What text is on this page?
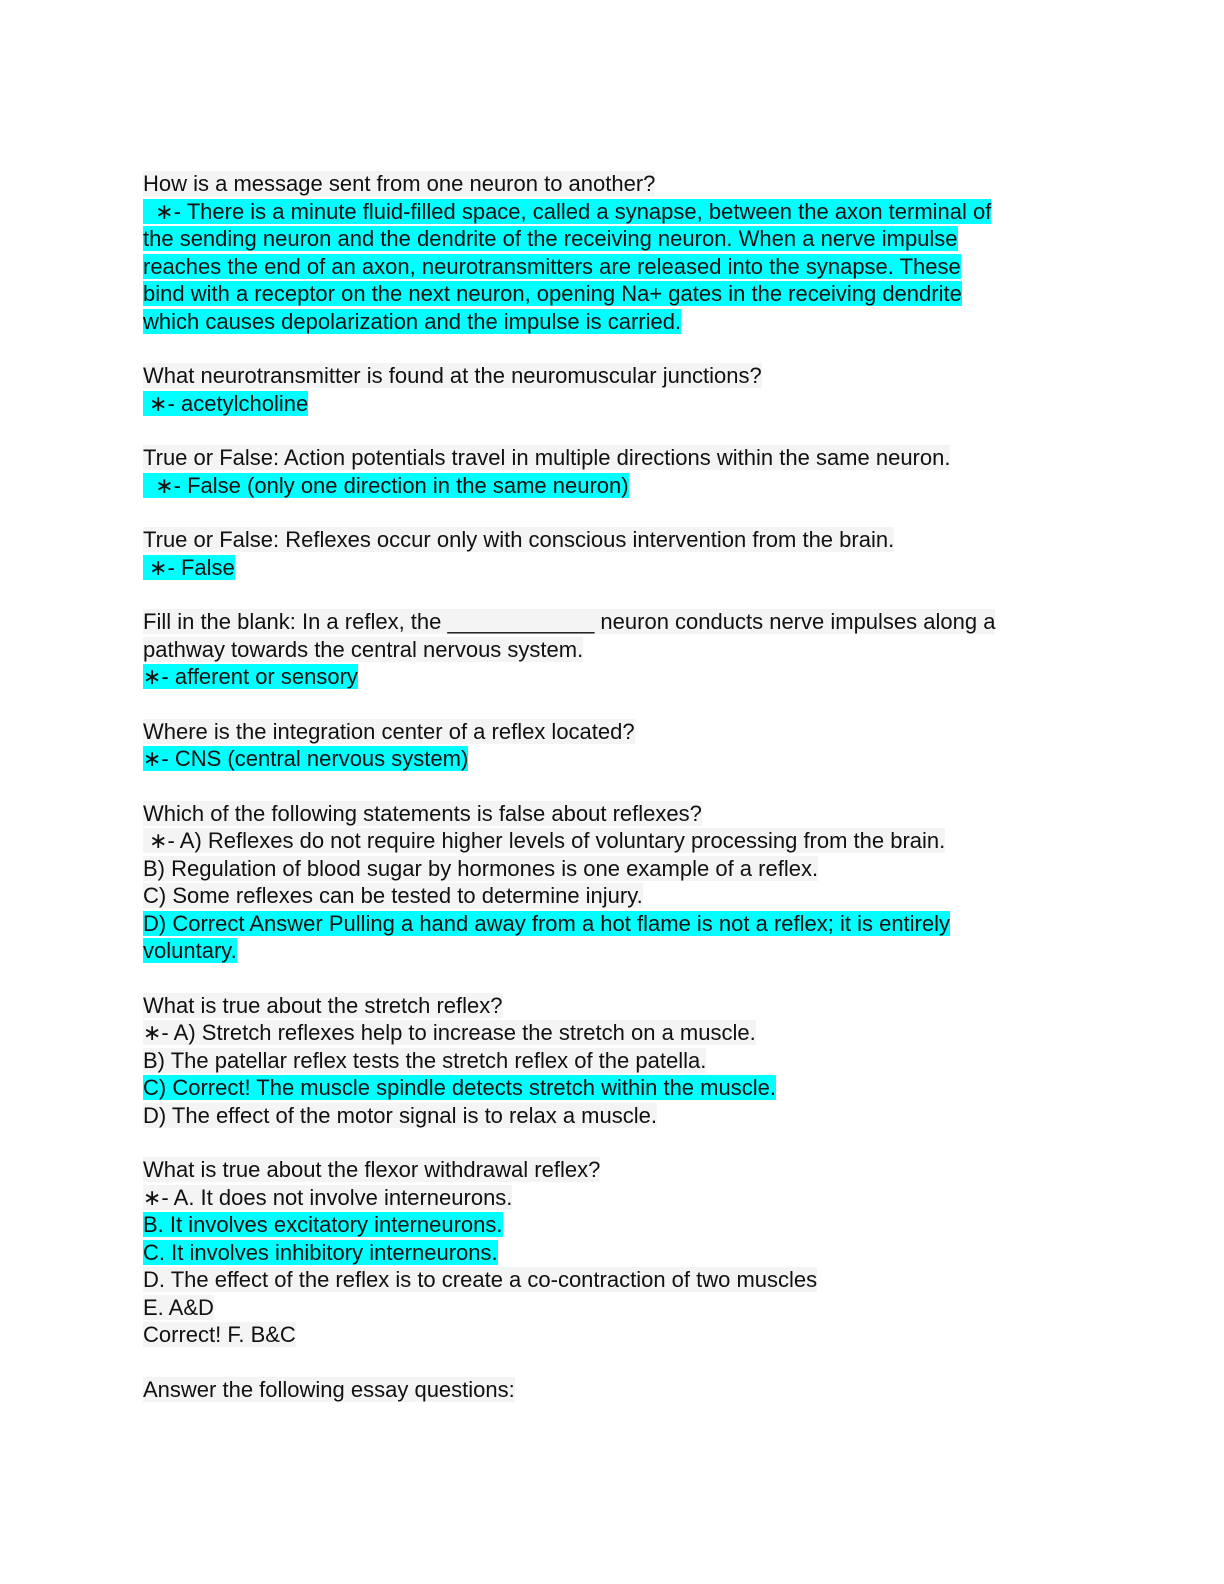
How is a message sent from one neuron to another?
∗- There is a minute fluid-filled space, called a synapse, between the axon terminal of
the sending neuron and the dendrite of the receiving neuron. When a nerve impulse
reaches the end of an axon, neurotransmitters are released into the synapse. These
bind with a receptor on the next neuron, opening Na+ gates in the receiving dendrite
which causes depolarization and the impulse is carried.
What neurotransmitter is found at the neuromuscular junctions?
∗- acetylcholine
True or False: Action potentials travel in multiple directions within the same neuron.
∗- False (only one direction in the same neuron)
True or False: Reflexes occur only with conscious intervention from the brain.
∗- False
Fill in the blank: In a reflex, the ____________ neuron conducts nerve impulses along a
pathway towards the central nervous system.
∗- afferent or sensory
Where is the integration center of a reflex located?
∗- CNS (central nervous system)
Which of the following statements is false about reflexes?
∗- A) Reflexes do not require higher levels of voluntary processing from the brain.
B) Regulation of blood sugar by hormones is one example of a reflex.
C) Some reflexes can be tested to determine injury.
D) Correct Answer Pulling a hand away from a hot flame is not a reflex; it is entirely
voluntary.
What is true about the stretch reflex?
∗- A) Stretch reflexes help to increase the stretch on a muscle.
B) The patellar reflex tests the stretch reflex of the patella.
C) Correct! The muscle spindle detects stretch within the muscle.
D) The effect of the motor signal is to relax a muscle.
What is true about the flexor withdrawal reflex?
∗- A. It does not involve interneurons.
B. It involves excitatory interneurons.
C. It involves inhibitory interneurons.
D. The effect of the reflex is to create a co-contraction of two muscles
E. A&D
Correct! F. B&C
Answer the following essay questions:
